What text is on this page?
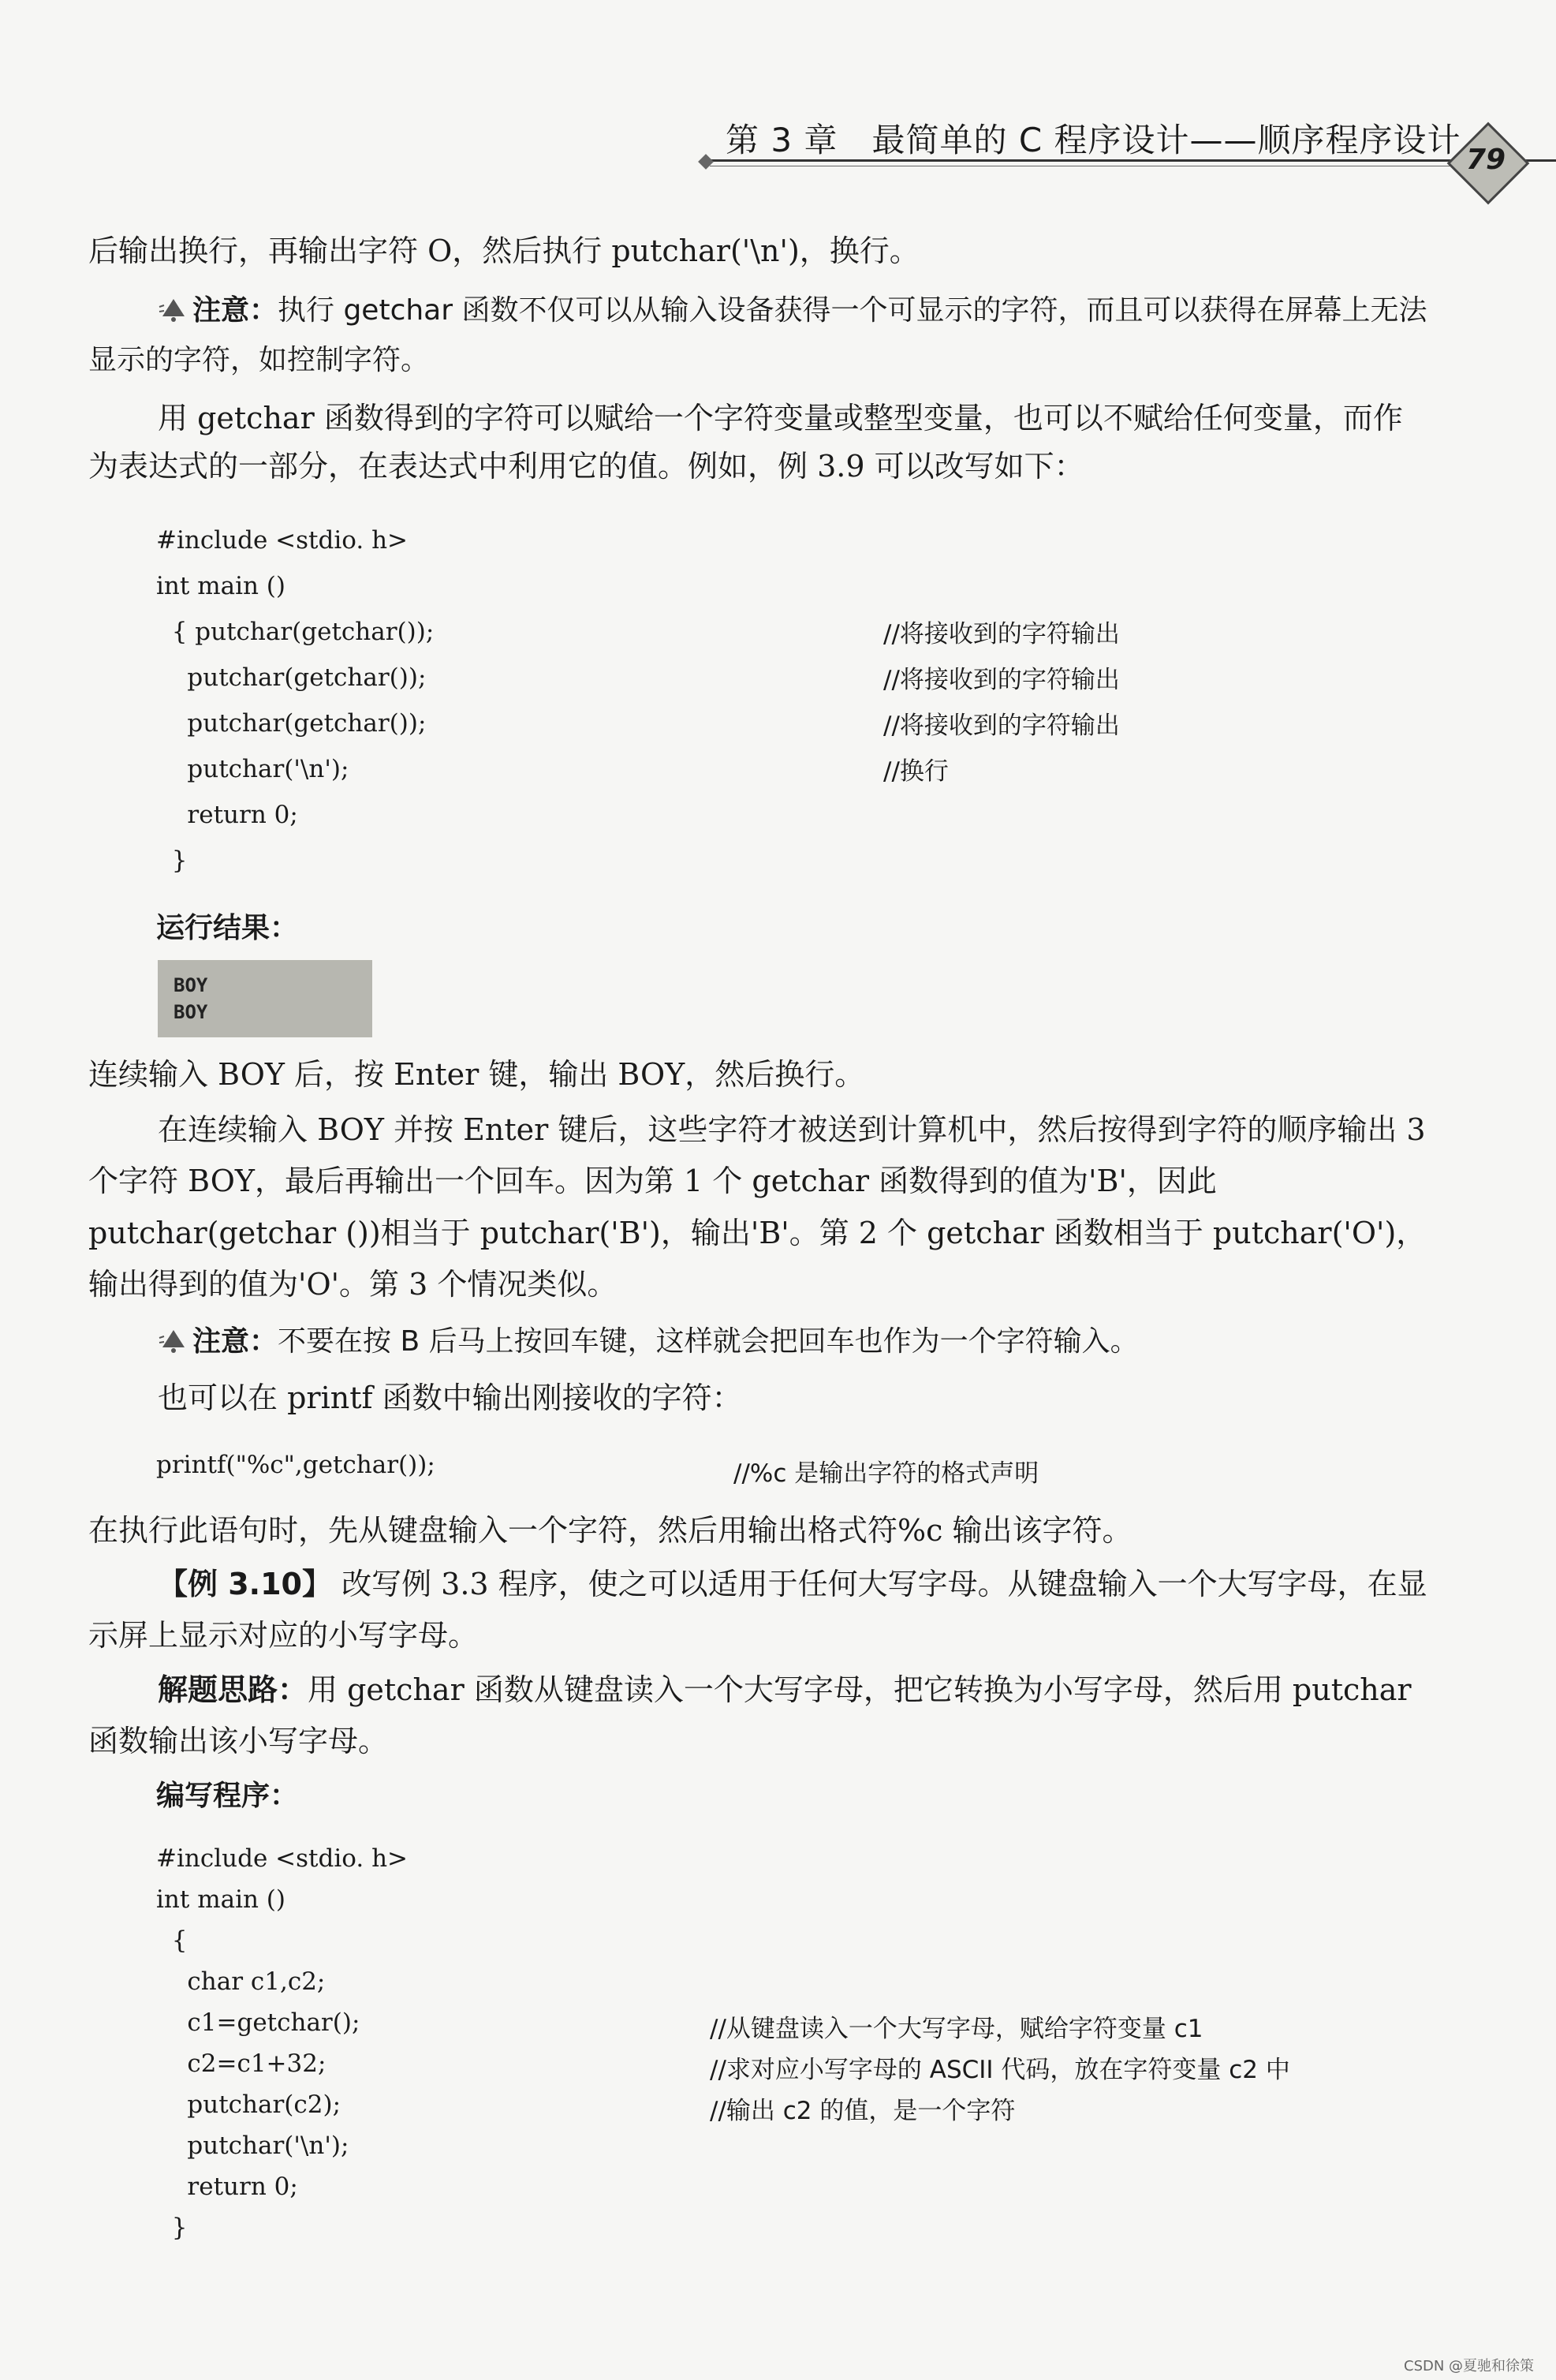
第 3 章   最简单的 C 程序设计——顺序程序设计
79
后输出换行，再输出字符 O，然后执行 putchar('\n')，换行。
注意：执行 getchar 函数不仅可以从输入设备获得一个可显示的字符，而且可以获得在屏幕上无法显示的字符，如控制字符。
用 getchar 函数得到的字符可以赋给一个字符变量或整型变量，也可以不赋给任何变量，而作为表达式的一部分，在表达式中利用它的值。例如，例 3.9 可以改写如下：
#include <stdio. h>
int main ()
{ putchar(getchar());
putchar(getchar());
putchar(getchar());
putchar('\n');
return 0;
}
//将接收到的字符输出
//将接收到的字符输出
//将接收到的字符输出
//换行
运行结果：
BOY
BOY
连续输入 BOY 后，按 Enter 键，输出 BOY，然后换行。
在连续输入 BOY 并按 Enter 键后，这些字符才被送到计算机中，然后按得到字符的顺序输出 3 个字符 BOY，最后再输出一个回车。因为第 1 个 getchar 函数得到的值为'B'，因此 putchar(getchar ())相当于 putchar('B')，输出'B'。第 2 个 getchar 函数相当于 putchar('O')，输出得到的值为'O'。第 3 个情况类似。
注意：不要在按 B 后马上按回车键，这样就会把回车也作为一个字符输入。
也可以在 printf 函数中输出刚接收的字符：
printf("%c",getchar());	//%c 是输出字符的格式声明
在执行此语句时，先从键盘输入一个字符，然后用输出格式符%c 输出该字符。
【例 3.10】 改写例 3.3 程序，使之可以适用于任何大写字母。从键盘输入一个大写字母，在显示屏上显示对应的小写字母。
解题思路：用 getchar 函数从键盘读入一个大写字母，把它转换为小写字母，然后用 putchar 函数输出该小写字母。
编写程序：
#include <stdio. h>
int main ()
{
char c1,c2;
c1=getchar();
c2=c1+32;
putchar(c2);
putchar('\n');
return 0;
}
//从键盘读入一个大写字母，赋给字符变量 c1
//求对应小写字母的 ASCII 代码，放在字符变量 c2 中
//输出 c2 的值，是一个字符
CSDN @夏驰和徐策
